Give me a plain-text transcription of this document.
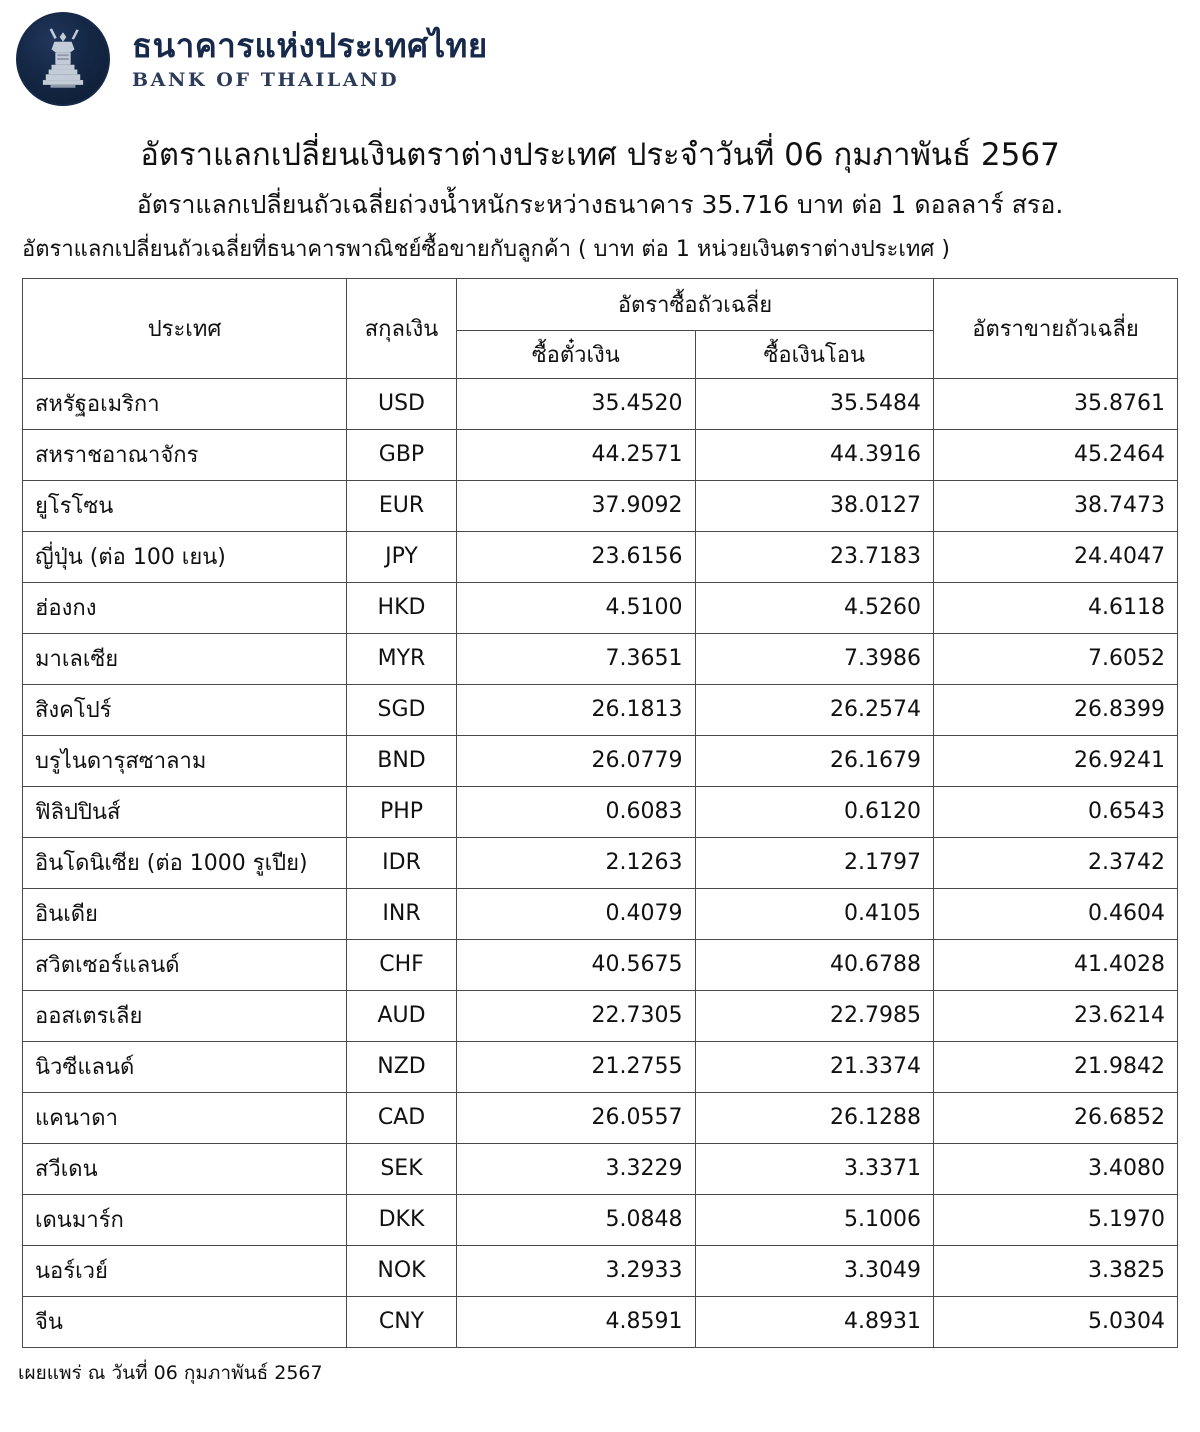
ธนาคารแห่งประเทศไทย
BANK OF THAILAND
อัตราแลกเปลี่ยนเงินตราต่างประเทศ ประจำวันที่ 06 กุมภาพันธ์ 2567
อัตราแลกเปลี่ยนถัวเฉลี่ยถ่วงน้ำหนักระหว่างธนาคาร 35.716 บาท ต่อ 1 ดอลลาร์ สรอ.

อัตราแลกเปลี่ยนถัวเฉลี่ยที่ธนาคารพาณิชย์ซื้อขายกับลูกค้า ( บาท ต่อ 1 หน่วยเงินตราต่างประเทศ )

ประเทศ	สกุลเงิน	อัตราซื้อถัวเฉลี่ย		อัตราขายถัวเฉลี่ย
		ซื้อตั๋วเงิน	ซื้อเงินโอน	
สหรัฐอเมริกา	USD	35.4520	35.5484	35.8761
สหราชอาณาจักร	GBP	44.2571	44.3916	45.2464
ยูโรโซน	EUR	37.9092	38.0127	38.7473
ญี่ปุ่น (ต่อ 100 เยน)	JPY	23.6156	23.7183	24.4047
ฮ่องกง	HKD	4.5100	4.5260	4.6118
มาเลเซีย	MYR	7.3651	7.3986	7.6052
สิงคโปร์	SGD	26.1813	26.2574	26.8399
บรูไนดารุสซาลาม	BND	26.0779	26.1679	26.9241
ฟิลิปปินส์	PHP	0.6083	0.6120	0.6543
อินโดนิเซีย (ต่อ 1000 รูเปีย)	IDR	2.1263	2.1797	2.3742
อินเดีย	INR	0.4079	0.4105	0.4604
สวิตเซอร์แลนด์	CHF	40.5675	40.6788	41.4028
ออสเตรเลีย	AUD	22.7305	22.7985	23.6214
นิวซีแลนด์	NZD	21.2755	21.3374	21.9842
แคนาดา	CAD	26.0557	26.1288	26.6852
สวีเดน	SEK	3.3229	3.3371	3.4080
เดนมาร์ก	DKK	5.0848	5.1006	5.1970
นอร์เวย์	NOK	3.2933	3.3049	3.3825
จีน	CNY	4.8591	4.8931	5.0304
เผยแพร่ ณ วันที่ 06 กุมภาพันธ์ 2567
